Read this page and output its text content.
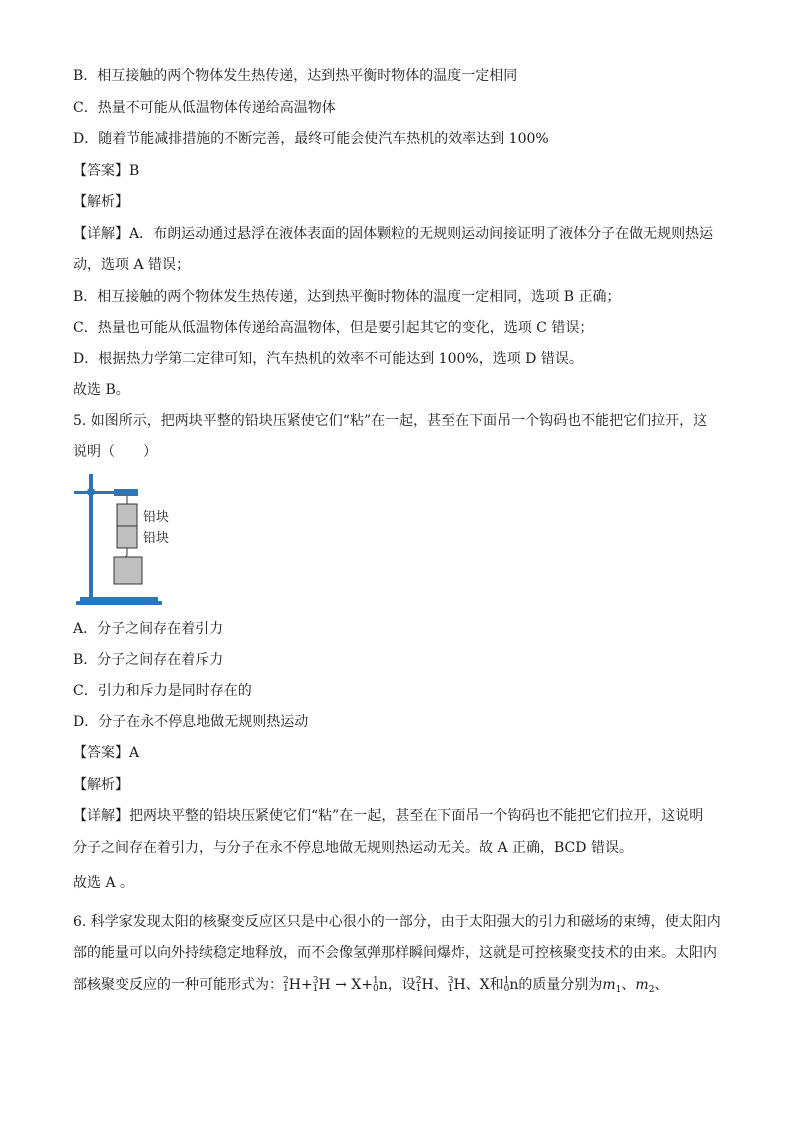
B．相互接触的两个物体发生热传递，达到热平衡时物体的温度一定相同
C．热量不可能从低温物体传递给高温物体
D．随着节能减排措施的不断完善，最终可能会使汽车热机的效率达到 100%
【答案】B
【解析】
【详解】A．布朗运动通过悬浮在液体表面的固体颗粒的无规则运动间接证明了液体分子在做无规则热运
动，选项 A 错误；
B．相互接触的两个物体发生热传递，达到热平衡时物体的温度一定相同，选项 B 正确；
C．热量也可能从低温物体传递给高温物体，但是要引起其它的变化，选项 C 错误；
D．根据热力学第二定律可知，汽车热机的效率不可能达到 100%，选项 D 错误。
故选 B。
5. 如图所示，把两块平整的铅块压紧使它们“粘”在一起，甚至在下面吊一个钩码也不能把它们拉开，这
说明（　　）
铅块
铅块
A．分子之间存在着引力
B．分子之间存在着斥力
C．引力和斥力是同时存在的
D．分子在永不停息地做无规则热运动
【答案】A
【解析】
【详解】把两块平整的铅块压紧使它们“粘”在一起，甚至在下面吊一个钩码也不能把它们拉开，这说明
分子之间存在着引力，与分子在永不停息地做无规则热运动无关。故 A 正确，BCD 错误。
故选 A 。
6. 科学家发现太阳的核聚变反应区只是中心很小的一部分，由于太阳强大的引力和磁场的束缚，使太阳内
部的能量可以向外持续稳定地释放，而不会像氢弹那样瞬间爆炸，这就是可控核聚变技术的由来。太阳内
部核聚变反应的一种可能形式为：2
1H+3
1H → X+1
0n，设2
1H、3
1H、X和1
0n的质量分别为$m_1$、$m_2$、
